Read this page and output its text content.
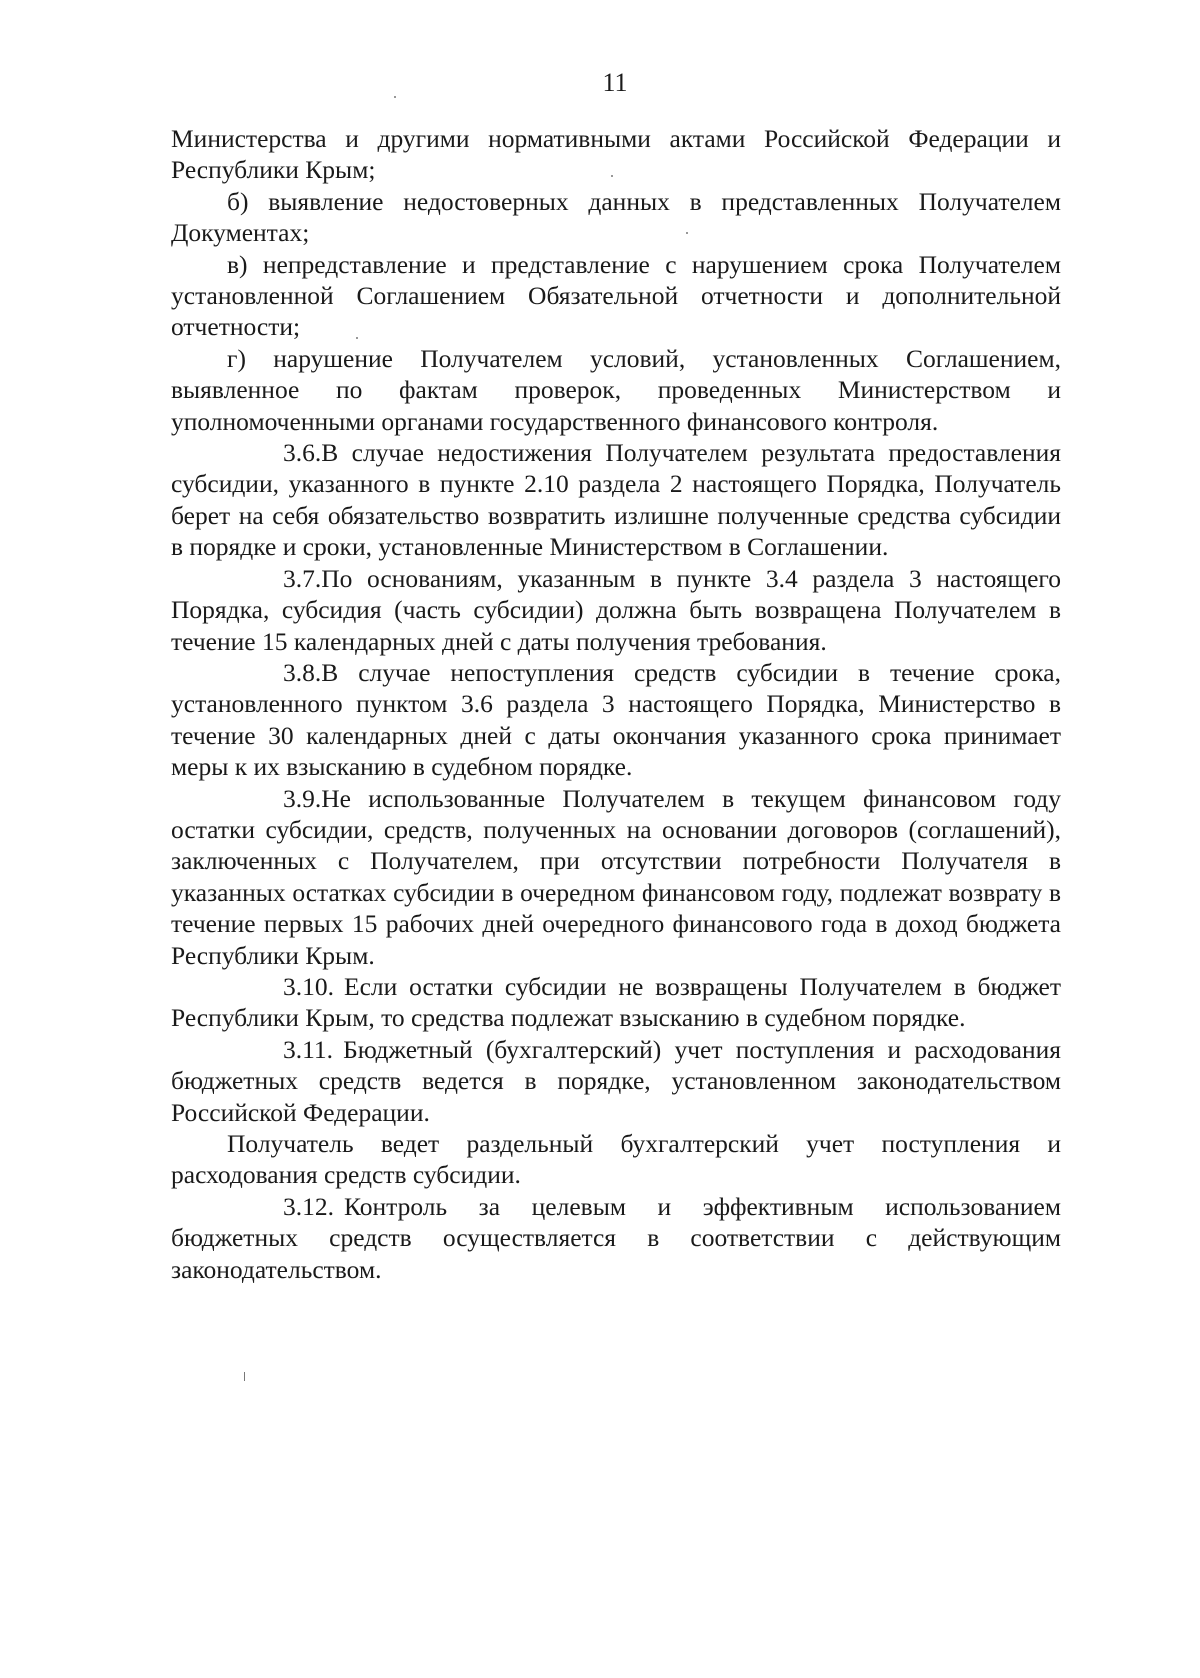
11

Министерства и другими нормативными актами Российской Федерации и Республики Крым;

б) выявление недостоверных данных в представленных Получателем Документах;

в) непредставление и представление с нарушением срока Получателем установленной Соглашением Обязательной отчетности и дополнительной отчетности;

г) нарушение Получателем условий, установленных Соглашением, выявленное по фактам проверок, проведенных Министерством и уполномоченными органами государственного финансового контроля.

3.6.В случае недостижения Получателем результата предоставления субсидии, указанного в пункте 2.10 раздела 2 настоящего Порядка, Получатель берет на себя обязательство возвратить излишне полученные средства субсидии в порядке и сроки, установленные Министерством в Соглашении.

3.7.По основаниям, указанным в пункте 3.4 раздела 3 настоящего Порядка, субсидия (часть субсидии) должна быть возвращена Получателем в течение 15 календарных дней с даты получения требования.

3.8.В случае непоступления средств субсидии в течение срока, установленного пунктом 3.6 раздела 3 настоящего Порядка, Министерство в течение 30 календарных дней с даты окончания указанного срока принимает меры к их взысканию в судебном порядке.

3.9.Не использованные Получателем в текущем финансовом году остатки субсидии, средств, полученных на основании договоров (соглашений), заключенных с Получателем, при отсутствии потребности Получателя в указанных остатках субсидии в очередном финансовом году, подлежат возврату в течение первых 15 рабочих дней очередного финансового года в доход бюджета Республики Крым.

3.10. Если остатки субсидии не возвращены Получателем в бюджет Республики Крым, то средства подлежат взысканию в судебном порядке.

3.11. Бюджетный (бухгалтерский) учет поступления и расходования бюджетных средств ведется в порядке, установленном законодательством Российской Федерации.

Получатель ведет раздельный бухгалтерский учет поступления и расходования средств субсидии.

3.12. Контроль за целевым и эффективным использованием бюджетных средств осуществляется в соответствии с действующим законодательством.
